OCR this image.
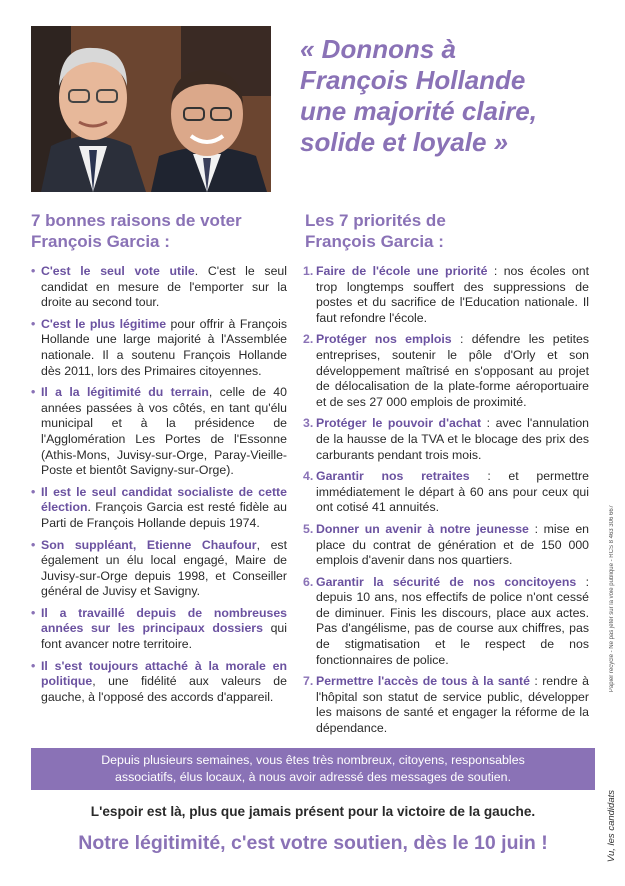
« Donnons à
François Hollande
une majorité claire,
solide et loyale »
7 bonnes raisons de voter
François Garcia :
Les 7 priorités de
François Garcia :
• C'est le seul vote utile. C'est le seul candidat en mesure de l'emporter sur la droite au second tour.
• C'est le plus légitime pour offrir à François Hollande une large majorité à l'Assemblée nationale. Il a soutenu François Hollande dès 2011, lors des Primaires citoyennes.
• Il a la légitimité du terrain, celle de 40 années passées à vos côtés, en tant qu'élu municipal et à la présidence de l'Agglomération Les Portes de l'Essonne (Athis-Mons, Juvisy-sur-Orge, Paray-Vieille-Poste et bientôt Savigny-sur-Orge).
• Il est le seul candidat socialiste de cette élection. François Garcia est resté fidèle au Parti de François Hollande depuis 1974.
• Son suppléant, Etienne Chaufour, est également un élu local engagé, Maire de Juvisy-sur-Orge depuis 1998, et Conseiller général de Juvisy et Savigny.
• Il a travaillé depuis de nombreuses années sur les principaux dossiers qui font avancer notre territoire.
• Il s'est toujours attaché à la morale en politique, une fidélité aux valeurs de gauche, à l'opposé des accords d'appareil.
1. Faire de l'école une priorité : nos écoles ont trop longtemps souffert des suppressions de postes et du sacrifice de l'Education nationale. Il faut refondre l'école.
2. Protéger nos emplois : défendre les petites entreprises, soutenir le pôle d'Orly et son développement maîtrisé en s'opposant au projet de délocalisation de la plate-forme aéroportuaire et de ses 27 000 emplois de proximité.
3. Protéger le pouvoir d'achat : avec l'annulation de la hausse de la TVA et le blocage des prix des carburants pendant trois mois.
4. Garantir nos retraites : et permettre immédiatement le départ à 60 ans pour ceux qui ont cotisé 41 annuités.
5. Donner un avenir à notre jeunesse : mise en place du contrat de génération et de 150 000 emplois d'avenir dans nos quartiers.
6. Garantir la sécurité de nos concitoyens : depuis 10 ans, nos effectifs de police n'ont cessé de diminuer. Finis les discours, place aux actes. Pas d'angélisme, pas de course aux chiffres, pas de stigmatisation et le respect de nos fonctionnaires de police.
7. Permettre l'accès de tous à la santé : rendre à l'hôpital son statut de service public, développer les maisons de santé et engager la réforme de la dépendance.
Depuis plusieurs semaines, vous êtes très nombreux, citoyens, responsables
associatifs, élus locaux, à nous avoir adressé des messages de soutien.

L'espoir est là, plus que jamais présent pour la victoire de la gauche.

Notre légitimité, c'est votre soutien, dès le 10 juin !

Papier recyclé - Ne pas jeter sur la voie publique - RCS 8 463 306 667
Vu, les candidats
